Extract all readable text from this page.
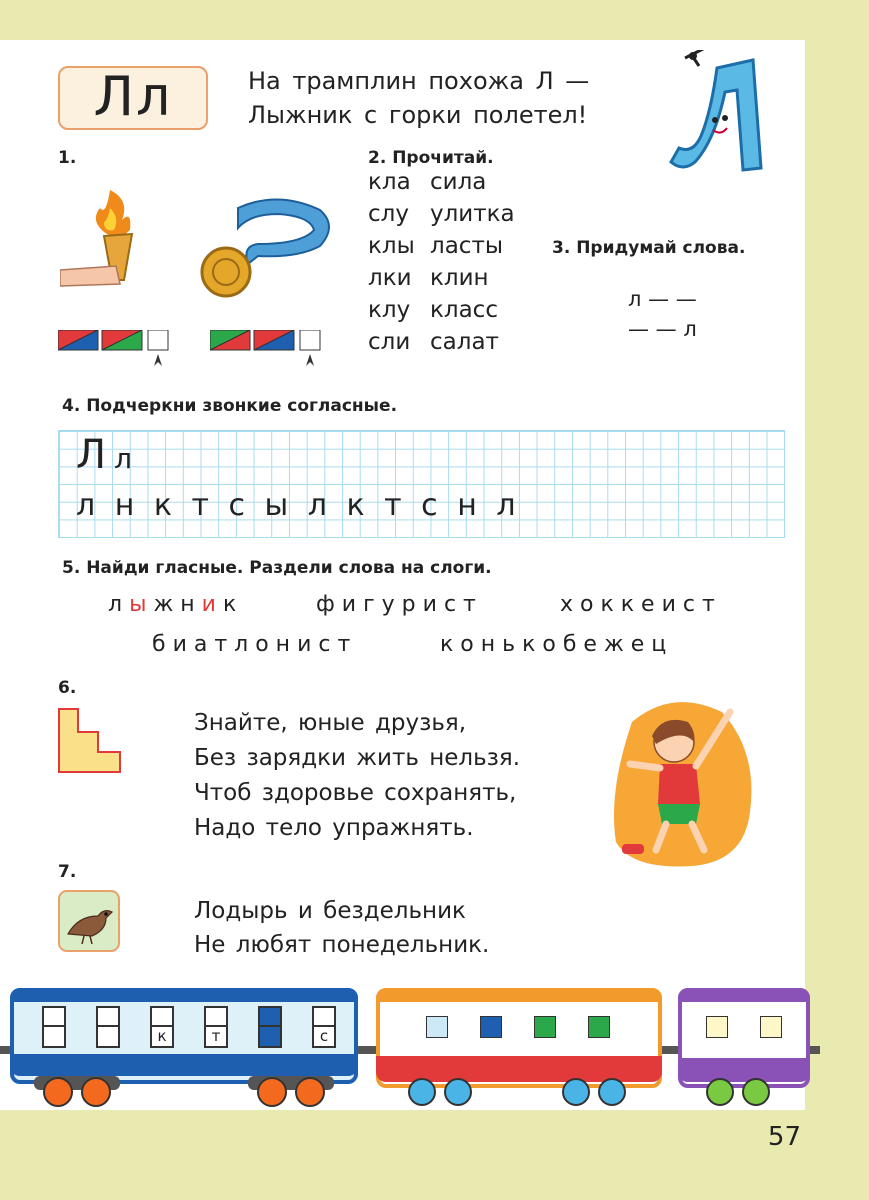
Лл	На трамплин похожа Л —
Лыжник с горки полетел!
1.	2. Прочитай.
кла сила
слу улитка
клы ласты
лки клин
клу класс
сли салат
3. Придумай слова.
л — —
— — л
4. Подчеркни звонкие согласные.
Л л
л н к т с ы л к т с н л
5. Найди гласные. Раздели слова на слоги.
лыжник	фигурист	хоккеист
биатлонист	конькобежец
6.
Знайте, юные друзья,
Без зарядки жить нельзя.
Чтоб здоровье сохранять,
Надо тело упражнять.
7.
Лодырь и бездельник
Не любят понедельник.
к	т	с
57
